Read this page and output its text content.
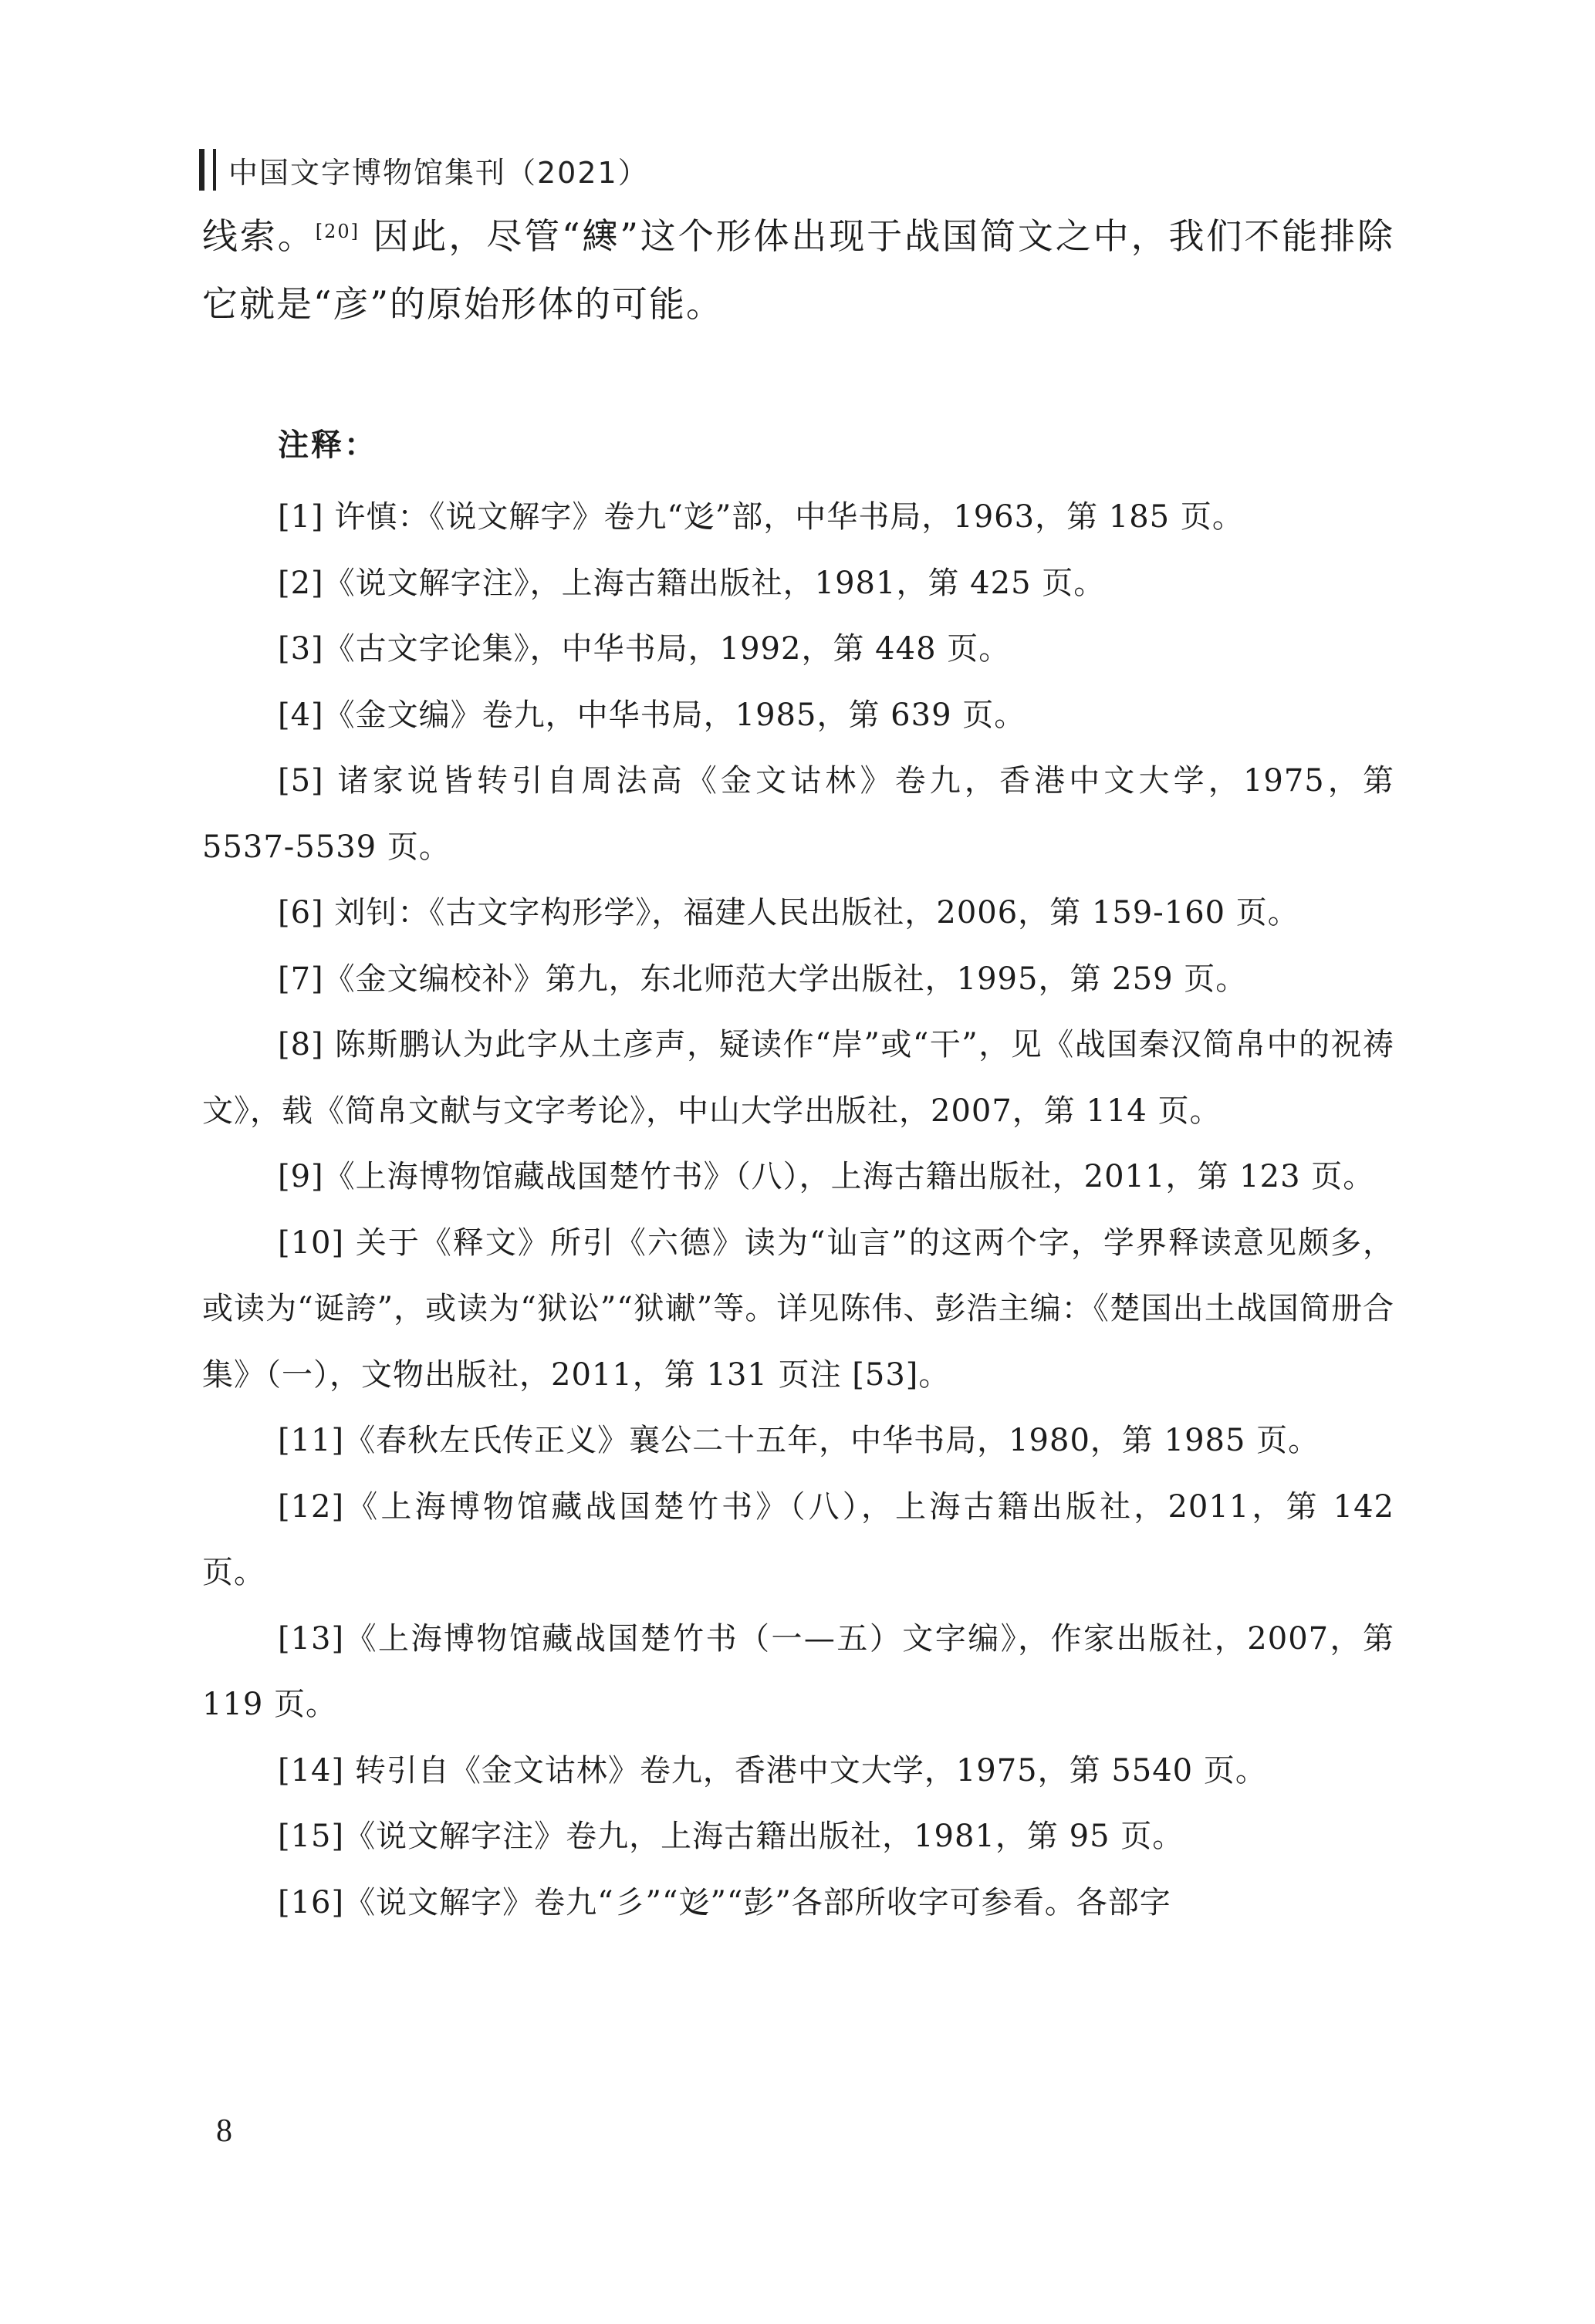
中国文字博物馆集刊（2021）

线索。[20] 因此，尽管“𫟂”这个形体出现于战国简文之中，我们不能排除它就是“彦”的原始形体的可能。

注释：

[1] 许慎：《说文解字》卷九“彣”部，中华书局，1963，第 185 页。

[2]《说文解字注》，上海古籍出版社，1981，第 425 页。

[3]《古文字论集》，中华书局，1992，第 448 页。

[4]《金文编》卷九，中华书局，1985，第 639 页。

[5] 诸家说皆转引自周法高《金文诂林》卷九，香港中文大学，1975，第 5537-5539 页。

[6] 刘钊：《古文字构形学》，福建人民出版社，2006，第 159-160 页。

[7]《金文编校补》第九，东北师范大学出版社，1995，第 259 页。

[8] 陈斯鹏认为此字从土彦声，疑读作“岸”或“干”，见《战国秦汉简帛中的祝祷文》，载《简帛文献与文字考论》，中山大学出版社，2007，第 114 页。

[9]《上海博物馆藏战国楚竹书》（八），上海古籍出版社，2011，第 123 页。

[10] 关于《释文》所引《六德》读为“讪言”的这两个字，学界释读意见颇多，或读为“诞誇”，或读为“狱讼”“狱谳”等。详见陈伟、彭浩主编：《楚国出土战国简册合集》（一），文物出版社，2011，第 131 页注 [53]。

[11]《春秋左氏传正义》襄公二十五年，中华书局，1980，第 1985 页。

[12]《上海博物馆藏战国楚竹书》（八），上海古籍出版社，2011，第 142 页。

[13]《上海博物馆藏战国楚竹书（一—五）文字编》，作家出版社，2007，第 119 页。

[14] 转引自《金文诂林》卷九，香港中文大学，1975，第 5540 页。

[15]《说文解字注》卷九，上海古籍出版社，1981，第 95 页。

[16]《说文解字》卷九“彡”“彣”“彭”各部所收字可参看。各部字

8
